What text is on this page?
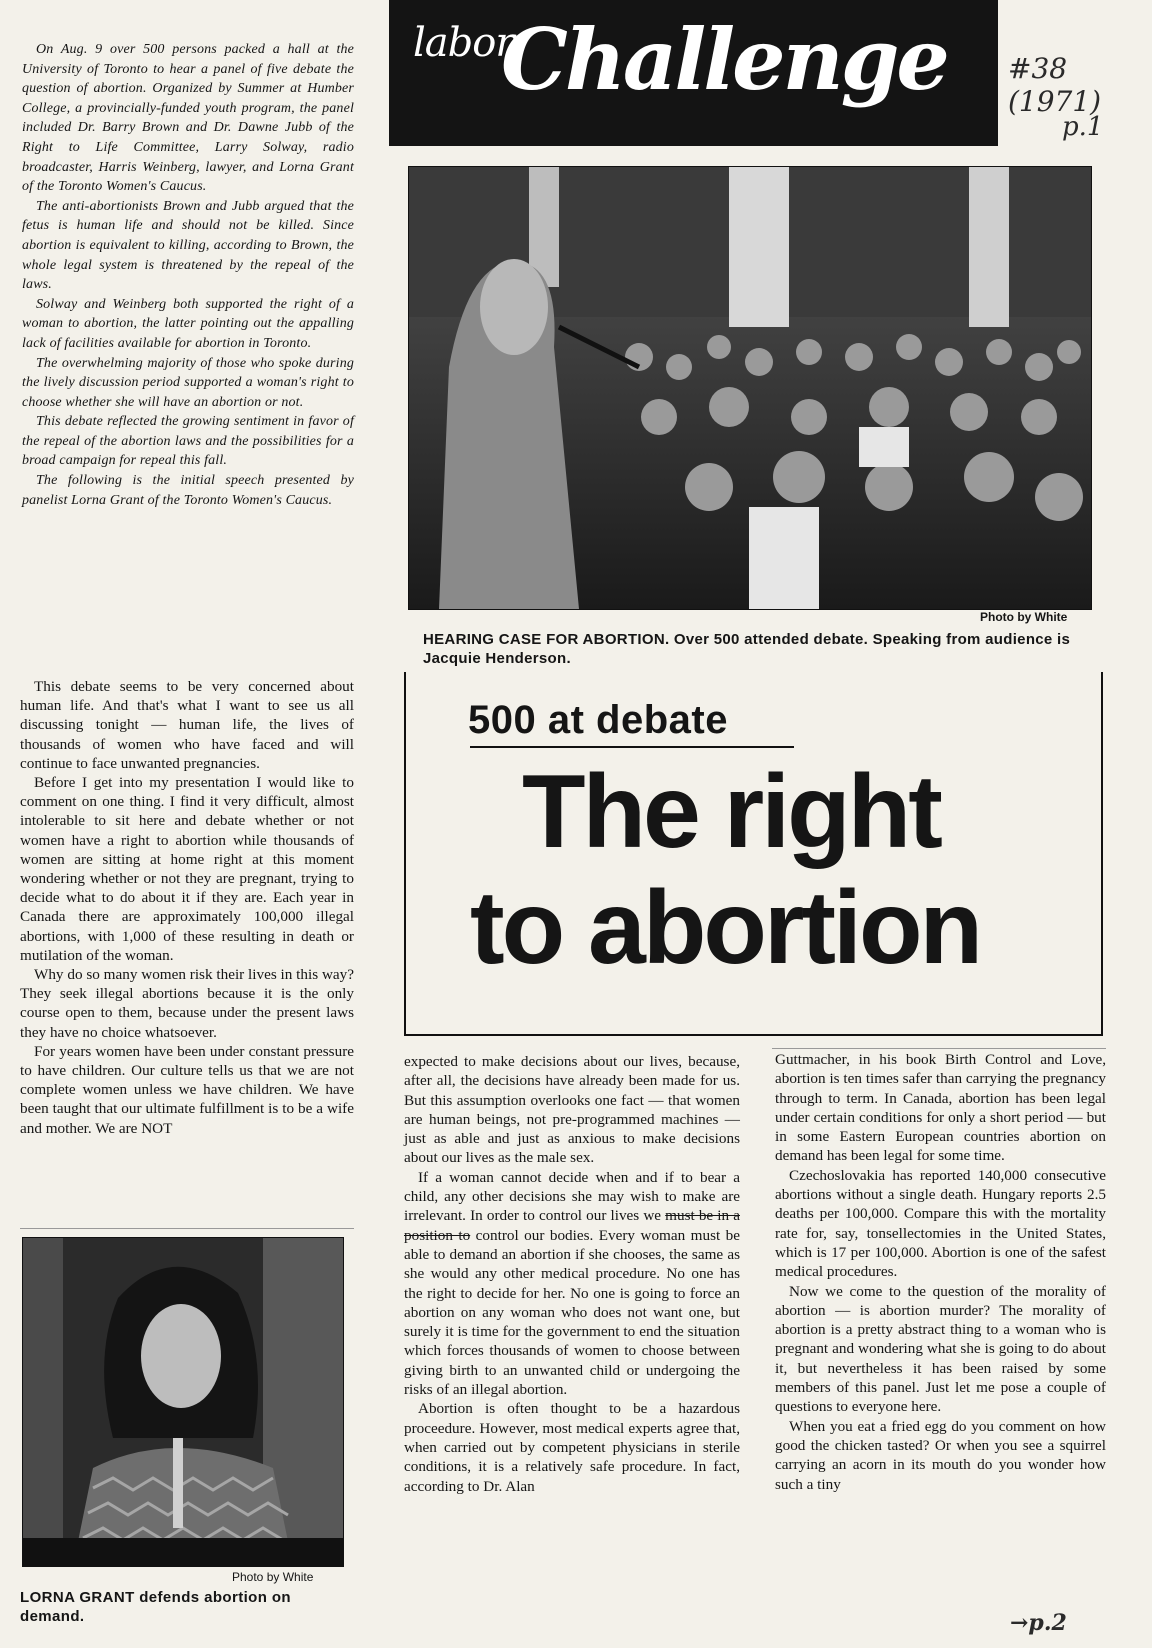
On Aug. 9 over 500 persons packed a hall at the University of Toronto to hear a panel of five debate the question of abortion. Organized by Summer at Humber College, a provincially-funded youth program, the panel included Dr. Barry Brown and Dr. Dawne Jubb of the Right to Life Committee, Larry Solway, radio broadcaster, Harris Weinberg, lawyer, and Lorna Grant of the Toronto Women's Caucus.

The anti-abortionists Brown and Jubb argued that the fetus is human life and should not be killed. Since abortion is equivalent to killing, according to Brown, the whole legal system is threatened by the repeal of the laws.

Solway and Weinberg both supported the right of a woman to abortion, the latter pointing out the appalling lack of facilities available for abortion in Toronto.

The overwhelming majority of those who spoke during the lively discussion period supported a woman's right to choose whether she will have an abortion or not.

This debate reflected the growing sentiment in favor of the repeal of the abortion laws and the possibilities for a broad campaign for repeal this fall.

The following is the initial speech presented by panelist Lorna Grant of the Toronto Women's Caucus.

This debate seems to be very concerned about human life. And that's what I want to see us all discussing tonight — human life, the lives of thousands of women who have faced and will continue to face unwanted pregnancies.

Before I get into my presentation I would like to comment on one thing. I find it very difficult, almost intolerable to sit here and debate whether or not women have a right to abortion while thousands of women are sitting at home right at this moment wondering whether or not they are pregnant, trying to decide what to do about it if they are. Each year in Canada there are approximately 100,000 illegal abortions, with 1,000 of these resulting in death or mutilation of the woman.

Why do so many women risk their lives in this way? They seek illegal abortions because it is the only course open to them, because under the present laws they have no choice whatsoever.

For years women have been under constant pressure to have children. Our culture tells us that we are not complete women unless we have children. We have been taught that our ultimate fulfillment is to be a wife and mother. We are NOT

labor
Challenge #38 (1971)
p.1
Photo by White
HEARING CASE FOR ABORTION. Over 500 attended debate. Speaking from audience is Jacquie Henderson.
500 at debate
The right
to abortion

expected to make decisions about our lives, because, after all, the decisions have already been made for us. But this assumption overlooks one fact — that women are human beings, not pre-programmed machines — just as able and just as anxious to make decisions about our lives as the male sex.

If a woman cannot decide when and if to bear a child, any other decisions she may wish to make are irrelevant. In order to control our lives we must be in a position to control our bodies. Every woman must be able to demand an abortion if she chooses, the same as she would any other medical procedure. No one has the right to decide for her. No one is going to force an abortion on any woman who does not want one, but surely it is time for the government to end the situation which forces thousands of women to choose between giving birth to an unwanted child or undergoing the risks of an illegal abortion.

Abortion is often thought to be a hazardous proceedure. However, most medical experts agree that, when carried out by competent physicians in sterile conditions, it is a relatively safe procedure. In fact, according to Dr. Alan

Guttmacher, in his book Birth Control and Love, abortion is ten times safer than carrying the pregnancy through to term. In Canada, abortion has been legal under certain conditions for only a short period — but in some Eastern European countries abortion on demand has been legal for some time.

Czechoslovakia has reported 140,000 consecutive abortions without a single death. Hungary reports 2.5 deaths per 100,000. Compare this with the mortality rate for, say, tonsellectomies in the United States, which is 17 per 100,000. Abortion is one of the safest medical procedures.

Now we come to the question of the morality of abortion — is abortion murder? The morality of abortion is a pretty abstract thing to a woman who is pregnant and wondering what she is going to do about it, but nevertheless it has been raised by some members of this panel. Just let me pose a couple of questions to everyone here.

When you eat a fried egg do you comment on how good the chicken tasted? Or when you see a squirrel carrying an acorn in its mouth do you wonder how such a tiny

→p.2
Photo by White
LORNA GRANT defends abortion on demand.
